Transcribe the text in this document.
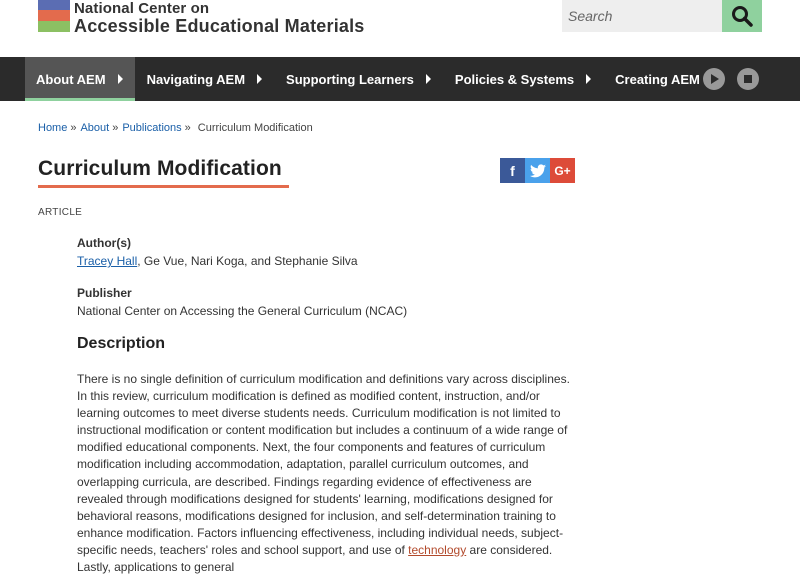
National Center on
Accessible Educational Materials
Search
About AEM	Navigating AEM	Supporting Learners	Policies & Systems	Creating AEM
Home » About » Publications » Curriculum Modification
Curriculum Modification	f	G+
ARTICLE
Author(s)
Tracey Hall, Ge Vue, Nari Koga, and Stephanie Silva
Publisher
National Center on Accessing the General Curriculum (NCAC)
Description

There is no single definition of curriculum modification and definitions vary across disciplines. In this review, curriculum modification is defined as modified content, instruction, and/or learning outcomes to meet diverse students needs. Curriculum modification is not limited to instructional modification or content modification but includes a continuum of a wide range of modified educational components. Next, the four components and features of curriculum modification including accommodation, adaptation, parallel curriculum outcomes, and overlapping curricula, are described. Findings regarding evidence of effectiveness are revealed through modifications designed for students' learning, modifications designed for behavioral reasons, modifications designed for inclusion, and self-determination training to enhance modification. Factors influencing effectiveness, including individual needs, subject-specific needs, teachers' roles and school support, and use of technology are considered. Lastly, applications to general
